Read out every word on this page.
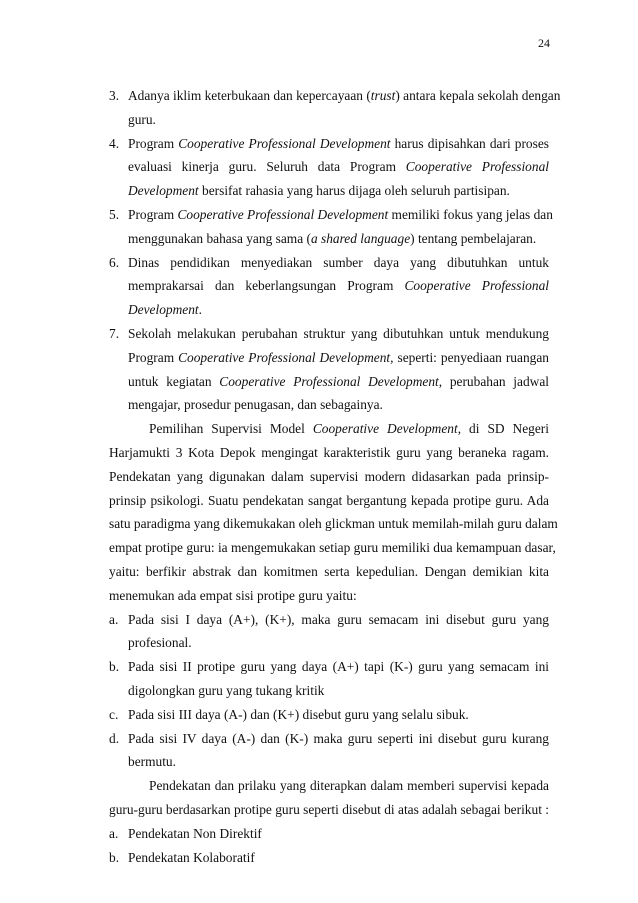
24
3. Adanya iklim keterbukaan dan kepercayaan (trust) antara kepala sekolah dengan
guru.
4. Program Cooperative Professional Development harus dipisahkan dari proses
evaluasi kinerja guru. Seluruh data Program Cooperative Professional
Development bersifat rahasia yang harus dijaga oleh seluruh partisipan.
5. Program Cooperative Professional Development memiliki fokus yang jelas dan
menggunakan bahasa yang sama (a shared language) tentang pembelajaran.
6. Dinas pendidikan menyediakan sumber daya yang dibutuhkan untuk
memprakarsai dan keberlangsungan Program Cooperative Professional
Development.
7. Sekolah melakukan perubahan struktur yang dibutuhkan untuk mendukung
Program Cooperative Professional Development, seperti: penyediaan ruangan
untuk kegiatan Cooperative Professional Development, perubahan jadwal
mengajar, prosedur penugasan, dan sebagainya.
Pemilihan Supervisi Model Cooperative Development, di SD Negeri
Harjamukti 3 Kota Depok mengingat karakteristik guru yang beraneka ragam.
Pendekatan yang digunakan dalam supervisi modern didasarkan pada prinsip-
prinsip psikologi. Suatu pendekatan sangat bergantung kepada protipe guru. Ada
satu paradigma yang dikemukakan oleh glickman untuk memilah-milah guru dalam
empat protipe guru: ia mengemukakan setiap guru memiliki dua kemampuan dasar,
yaitu: berfikir abstrak dan komitmen serta kepedulian. Dengan demikian kita
menemukan ada empat sisi protipe guru yaitu:
a. Pada sisi I daya (A+), (K+), maka guru semacam ini disebut guru yang
profesional.
b. Pada sisi II protipe guru yang daya (A+) tapi (K-) guru yang semacam ini
digolongkan guru yang tukang kritik
c. Pada sisi III daya (A-) dan (K+) disebut guru yang selalu sibuk.
d. Pada sisi IV daya (A-) dan (K-) maka guru seperti ini disebut guru kurang
bermutu.
Pendekatan dan prilaku yang diterapkan dalam memberi supervisi kepada
guru-guru berdasarkan protipe guru seperti disebut di atas adalah sebagai berikut :
a. Pendekatan Non Direktif
b. Pendekatan Kolaboratif
